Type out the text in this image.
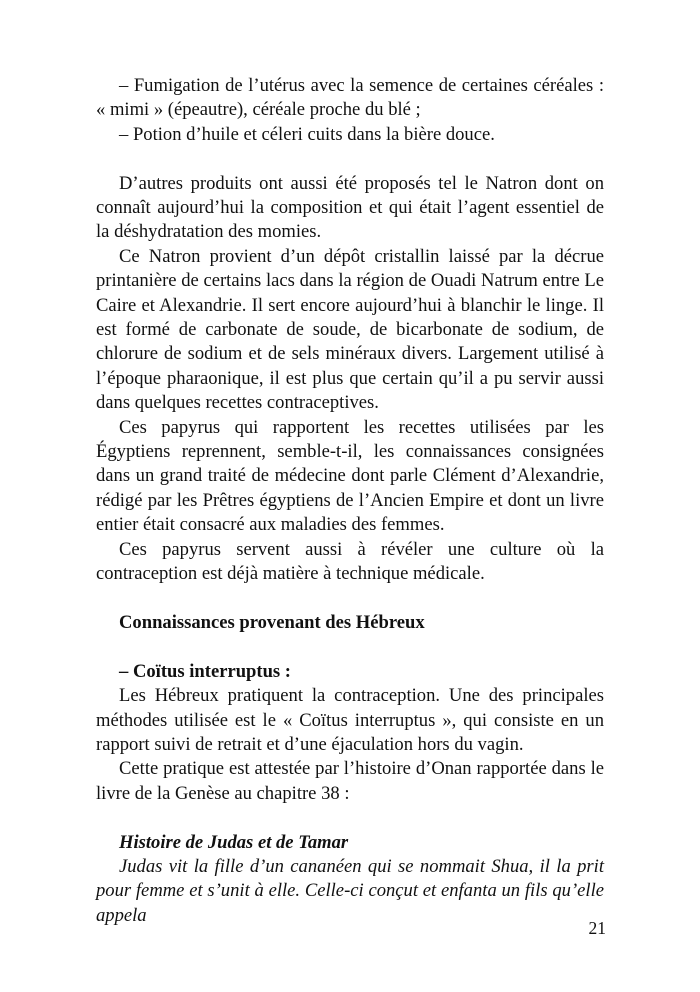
– Fumigation de l’utérus avec la semence de certaines céréales : « mimi » (épeautre), céréale proche du blé ;

– Potion d’huile et céleri cuits dans la bière douce.

D’autres produits ont aussi été proposés tel le Natron dont on connaît aujourd’hui la composition et qui était l’agent essentiel de la déshydratation des momies.

Ce Natron provient d’un dépôt cristallin laissé par la décrue printanière de certains lacs dans la région de Ouadi Natrum entre Le Caire et Alexandrie. Il sert encore aujourd’hui à blanchir le linge. Il est formé de carbonate de soude, de bicarbonate de sodium, de chlorure de sodium et de sels minéraux divers. Largement utilisé à l’époque pharaonique, il est plus que certain qu’il a pu servir aussi dans quelques recettes contraceptives.

Ces papyrus qui rapportent les recettes utilisées par les Égyptiens reprennent, semble-t-il, les connaissances consignées dans un grand traité de médecine dont parle Clément d’Alexandrie, rédigé par les Prêtres égyptiens de l’Ancien Empire et dont un livre entier était consacré aux maladies des femmes.

Ces papyrus servent aussi à révéler une culture où la contraception est déjà matière à technique médicale.

Connaissances provenant des Hébreux

– Coïtus interruptus :

Les Hébreux pratiquent la contraception. Une des principales méthodes utilisée est le « Coïtus interruptus », qui consiste en un rapport suivi de retrait et d’une éjaculation hors du vagin.

Cette pratique est attestée par l’histoire d’Onan rapportée dans le livre de la Genèse au chapitre 38 :

Histoire de Judas et de Tamar

Judas vit la fille d’un cananéen qui se nommait Shua, il la prit pour femme et s’unit à elle. Celle-ci conçut et enfanta un fils qu’elle appela

21
